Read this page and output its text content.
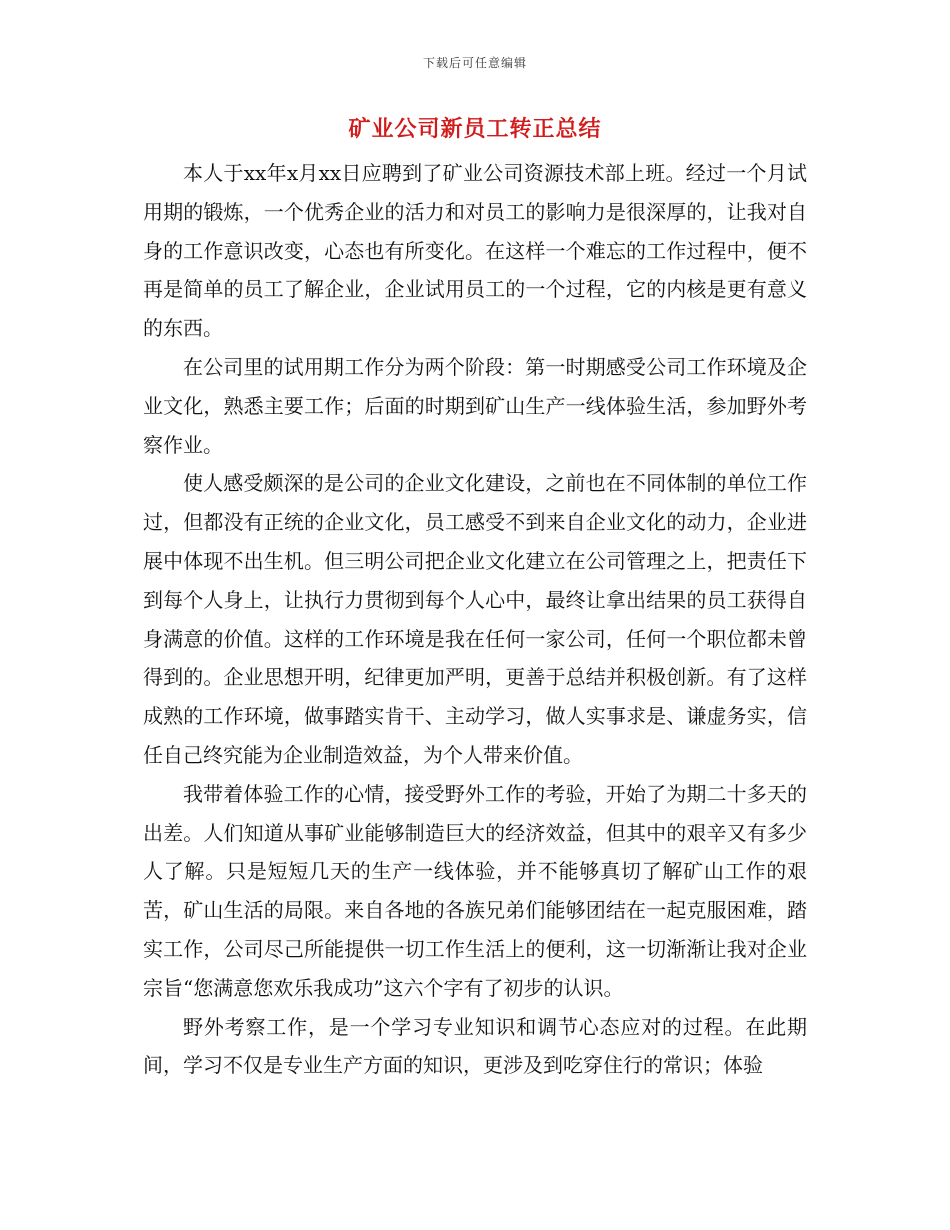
下载后可任意编辑
矿业公司新员工转正总结

本人于xx年x月xx日应聘到了矿业公司资源技术部上班。经过一个月试用期的锻炼，一个优秀企业的活力和对员工的影响力是很深厚的，让我对自身的工作意识改变，心态也有所变化。在这样一个难忘的工作过程中，便不再是简单的员工了解企业，企业试用员工的一个过程，它的内核是更有意义的东西。

在公司里的试用期工作分为两个阶段：第一时期感受公司工作环境及企业文化，熟悉主要工作；后面的时期到矿山生产一线体验生活，参加野外考察作业。

使人感受颇深的是公司的企业文化建设，之前也在不同体制的单位工作过，但都没有正统的企业文化，员工感受不到来自企业文化的动力，企业进展中体现不出生机。但三明公司把企业文化建立在公司管理之上，把责任下到每个人身上，让执行力贯彻到每个人心中，最终让拿出结果的员工获得自身满意的价值。这样的工作环境是我在任何一家公司，任何一个职位都未曾得到的。企业思想开明，纪律更加严明，更善于总结并积极创新。有了这样成熟的工作环境，做事踏实肯干、主动学习，做人实事求是、谦虚务实，信任自己终究能为企业制造效益，为个人带来价值。

我带着体验工作的心情，接受野外工作的考验，开始了为期二十多天的出差。人们知道从事矿业能够制造巨大的经济效益，但其中的艰辛又有多少人了解。只是短短几天的生产一线体验，并不能够真切了解矿山工作的艰苦，矿山生活的局限。来自各地的各族兄弟们能够团结在一起克服困难，踏实工作，公司尽己所能提供一切工作生活上的便利，这一切渐渐让我对企业宗旨“您满意您欢乐我成功”这六个字有了初步的认识。

野外考察工作，是一个学习专业知识和调节心态应对的过程。在此期间，学习不仅是专业生产方面的知识，更涉及到吃穿住行的常识；体验
